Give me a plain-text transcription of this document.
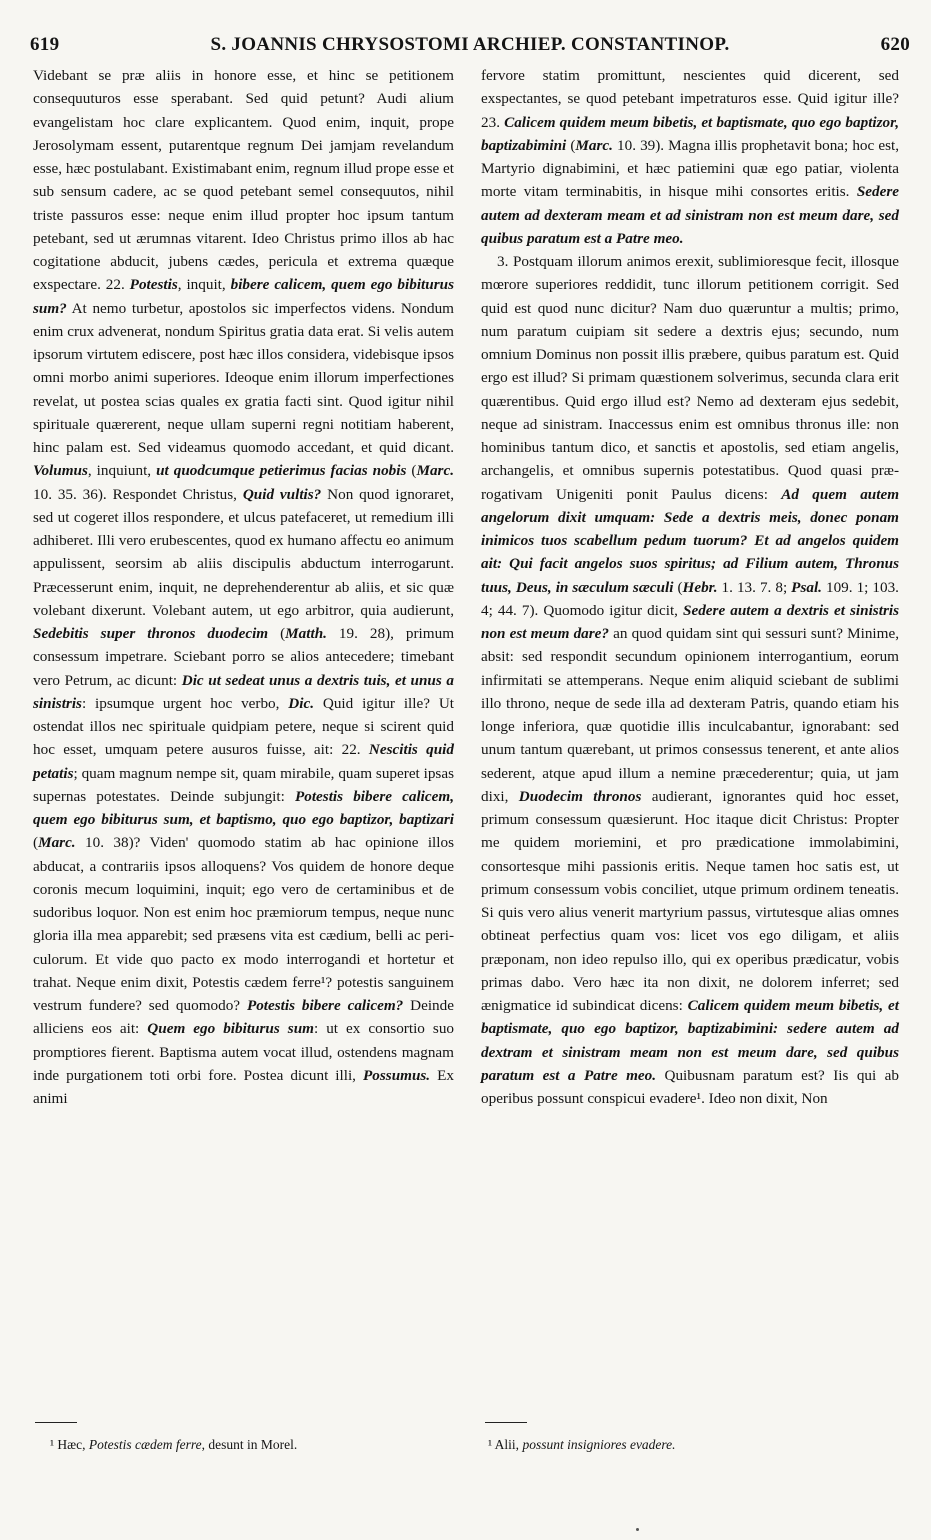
619	S. JOANNIS CHRYSOSTOMI ARCHIEP. CONSTANTINOP.	620

Videbant se præ aliis in honore esse, et hinc se petitionem consequuturos esse sperabant. Sed quid petunt? Audi alium evangelistam hoc clare explicantem. Quod enim, inquit, prope Jerosolymam essent, putarentque regnum Dei jamjam revelandum esse, hæc postulabant. Existimabant enim, regnum illud prope esse et sub sensum cadere, ac se quod petebant semel consequutos, nihil triste passuros esse: neque enim illud propter hoc ipsum tantum petebant, sed ut ærumnas vitarent. Ideo Christus primo illos ab hac cogitatione abducit, jubens cædes, pericula et extrema quæque exspectare. 22. Potestis, inquit, bibere calicem, quem ego bibiturus sum? At nemo turbetur, apostolos sic imperfectos videns. Nondum enim crux advenerat, nondum Spiritus gratia data erat. Si velis autem ipsorum virtutem ediscere, post hæc illos considera, videbisque ipsos omni morbo animi superiores. Ideoque enim illorum imperfectiones revelat, ut postea scias quales ex gratia facti sint. Quod igitur nihil spirituale quærerent, neque ullam superni regni notitiam haberent, hinc palam est. Sed videamus quomodo accedant, et quid dicant. Volumus, inquiunt, ut quodcumque petierimus facias nobis (Marc. 10. 35. 36). Respondet Christus, Quid vultis? Non quod ignoraret, sed ut cogeret illos respondere, et ulcus patefaceret, ut remedium illi adhiberet. Illi vero erubescentes, quod ex humano affectu eo animum appulissent, seorsim ab aliis discipulis abductum interrogarunt. Præcesserunt enim, inquit, ne deprehenderentur ab aliis, et sic quæ volebant dixerunt. Volebant autem, ut ego arbitror, quia audierunt, Sedebitis super thronos duodecim (Matth. 19. 28), primum consessum impetrare. Sciebant porro se alios antecedere; timebant vero Petrum, ac dicunt: Dic ut sedeat unus a dextris tuis, et unus a sinistris: ipsumque urgent hoc verbo, Dic. Quid igitur ille? Ut ostendat illos nec spirituale quidpiam petere, neque si scirent quid hoc esset, umquam petere ausuros fuisse, ait: 22. Nescitis quid petatis; quam magnum nempe sit, quam mirabile, quam superet ipsas supernas potestates. Deinde subjungit: Potestis bibere calicem, quem ego bibiturus sum, et baptismo, quo ego baptizor, baptizari (Marc. 10. 38)? Viden' quomodo statim ab hac opinione illos abducat, a contrariis ipsos alloquens? Vos quidem de honore deque coronis mecum loquimini, inquit; ego vero de certaminibus et de sudoribus loquor. Non est enim hoc præmiorum tempus, neque nunc gloria illa mea apparebit; sed præsens vita est cædium, belli ac periculorum. Et vide quo pacto ex modo interrogandi et hortetur et trahat. Neque enim dixit, Potestis cædem ferre¹? potestis sanguinem vestrum fundere? sed quomodo? Potestis bibere calicem? Deinde alliciens eos ait: Quem ego bibiturus sum: ut ex consortio suo promptiores fierent. Baptisma autem vocat illud, ostendens magnam inde purgationem toti orbi fore. Postea dicunt illi, Possumus. Ex animi

fervore statim promittunt, nescientes quid dicerent, sed exspectantes, se quod petebant impetraturos esse. Quid igitur ille? 23. Calicem quidem meum bibetis, et baptismate, quo ego baptizor, baptizabimini (Marc. 10. 39). Magna illis prophetavit bona; hoc est, Martyrio dignabimini, et hæc patiemini quæ ego patiar, violenta morte vitam terminabitis, in hisque mihi consortes eritis. Sedere autem ad dexteram meam et ad sinistram non est meum dare, sed quibus paratum est a Patre meo.

3. Postquam illorum animos erexit, sublimioresque fecit, illosque mœrore superiores reddidit, tunc illorum petitionem corrigit. Sed quid est quod nunc dicitur? Nam duo quæruntur a multis; primo, num paratum cuipiam sit sedere a dextris ejus; secundo, num omnium Dominus non possit illis præbere, quibus paratum est. Quid ergo est illud? Si primam quæstionem solverimus, secunda clara erit quærentibus. Quid ergo illud est? Nemo ad dexteram ejus sedebit, neque ad sinistram. Inaccessus enim est omnibus thronus ille: non hominibus tantum dico, et sanctis et apostolis, sed etiam angelis, archangelis, et omnibus supernis potestatibus. Quod quasi prærogativam Unigeniti ponit Paulus dicens: Ad quem autem angelorum dixit umquam: Sede a dextris meis, donec ponam inimicos tuos scabellum pedum tuorum? Et ad angelos quidem ait: Qui facit angelos suos spiritus; ad Filium autem, Thronus tuus, Deus, in sæculum sæculi (Hebr. 1. 13. 7. 8; Psal. 109. 1; 103. 4; 44. 7). Quomodo igitur dicit, Sedere autem a dextris et sinistris non est meum dare? an quod quidam sint qui sessuri sunt? Minime, absit: sed respondit secundum opinionem interrogantium, eorum infirmitati se attemperans. Neque enim aliquid sciebant de sublimi illo throno, neque de sede illa ad dexteram Patris, quando etiam his longe inferiora, quæ quotidie illis inculcabantur, ignorabant: sed unum tantum quærebant, ut primos consessus tenerent, et ante alios sederent, atque apud illum a nemine præcederentur; quia, ut jam dixi, Duodecim thronos audierant, ignorantes quid hoc esset, primum consessum quæsierunt. Hoc itaque dicit Christus: Propter me quidem moriemini, et pro prædicatione immolabimini, consortesque mihi passionis eritis. Neque tamen hoc satis est, ut primum consessum vobis conciliet, utque primum ordinem teneatis. Si quis vero alius venerit martyrium passus, virtutesque alias omnes obtineat perfectius quam vos: licet vos ego diligam, et aliis præponam, non ideo repulso illo, qui ex operibus prædicatur, vobis primas dabo. Vero hæc ita non dixit, ne dolorem inferret; sed ænigmatice id subindicat dicens: Calicem quidem meum bibetis, et baptismate, quo ego baptizor, baptizabimini: sedere autem ad dextram et sinistram meam non est meum dare, sed quibus paratum est a Patre meo. Quibusnam paratum est? Iis qui ab operibus possunt conspicui evadere¹. Ideo non dixit, Non

¹ Hæc, Potestis cædem ferre, desunt in Morel.	¹ Alii, possunt insigniores evadere.
